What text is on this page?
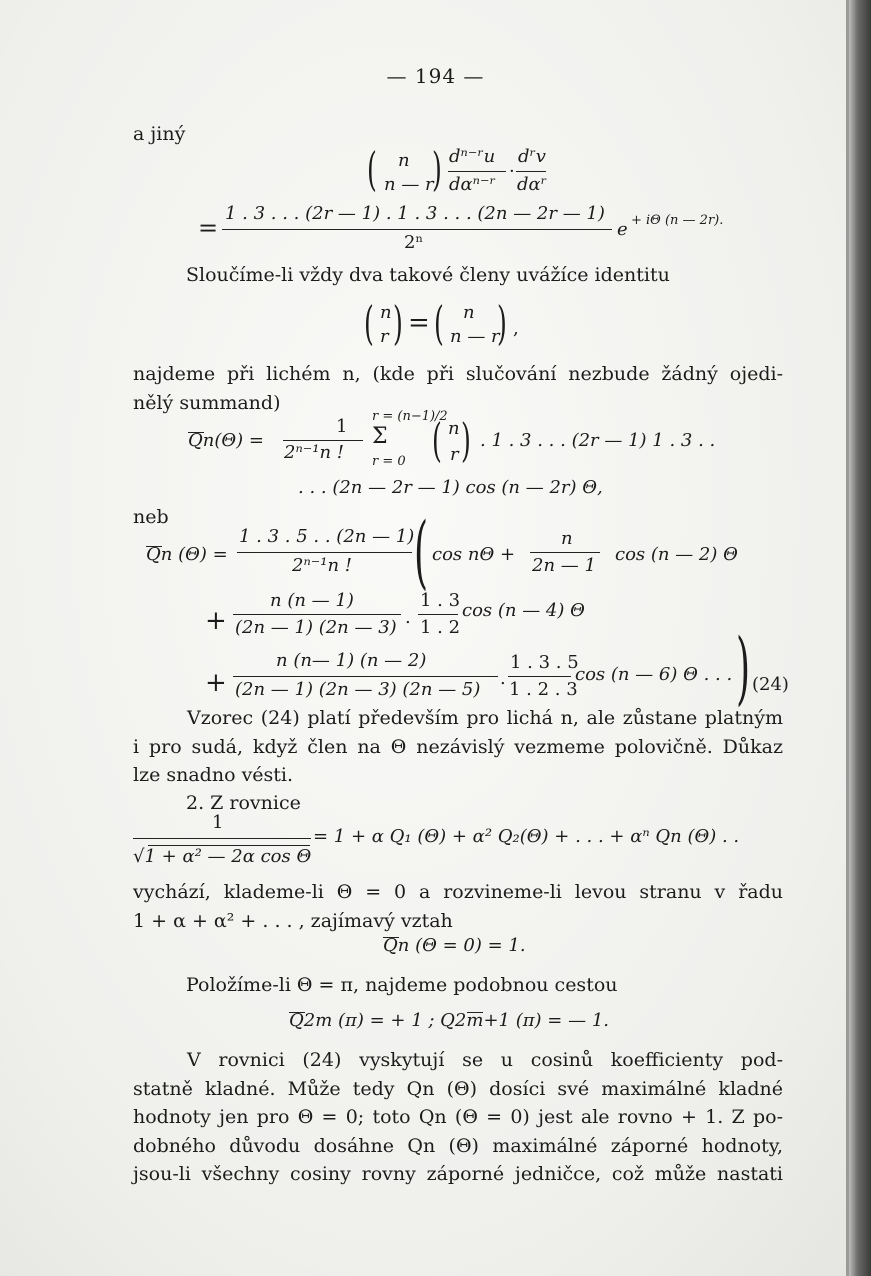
— 194 —
a jiný
( n
n — r
) dⁿ⁻ʳu
dαⁿ⁻ʳ
·
dʳv
dαʳ
=
1 . 3 . . . (2r — 1) . 1 . 3 . . . (2n — 2r — 1)
2ⁿ
e + iΘ (n — 2r).
Sloučíme-li vždy dva takové členy uvážíce identitu
( n
r ) = ( n
n — r
) ,
najdeme při lichém n, (kde při slučování nezbude žádný ojedi-
nělý summand)
Qn(Θ) =
1
2ⁿ⁻¹n !
r = (n−1)/2
Σ
r = 0 ( n
r ) . 1 . 3 . . . (2r — 1) 1 . 3 . .
. . . (2n — 2r — 1) cos (n — 2r) Θ,
neb
Qn (Θ) =
1 . 3 . 5 . . (2n — 1)
2ⁿ⁻¹n ! ( cos nΘ +
n
2n — 1
cos (n — 2) Θ
+
n (n — 1)
(2n — 1) (2n — 3) .
1 . 3
1 . 2
cos (n — 4) Θ
+
n (n— 1) (n — 2)
(2n — 1) (2n — 3) (2n — 5)
.
1 . 3 . 5
1 . 2 . 3
cos (n — 6) Θ . . . ) (24)
Vzorec (24) platí především pro lichá n, ale zůstane platným
i pro sudá, když člen na Θ nezávislý vezmeme polovičně. Důkaz
lze snadno vésti.
2. Z rovnice
1
√1 + α² — 2α cos Θ
= 1 + α Q₁ (Θ) + α² Q₂(Θ) + . . . + αⁿ Qn (Θ) . .
vychází, klademe-li Θ = 0 a rozvineme-li levou stranu v řadu
1 + α + α² + . . . , zajímavý vztah
Qn (Θ = 0) = 1.
Položíme-li Θ = π, najdeme podobnou cestou
Q2m (π) = + 1 ; Q2m+1 (π) = — 1.
V rovnici (24) vyskytují se u cosinů koefficienty pod-
statně kladné. Může tedy Qn (Θ) dosíci své maximálné kladné
hodnoty jen pro Θ = 0; toto Qn (Θ = 0) jest ale rovno + 1. Z po-
dobného důvodu dosáhne Qn (Θ) maximálné záporné hodnoty,
jsou-li všechny cosiny rovny záporné jedničce, což může nastati
